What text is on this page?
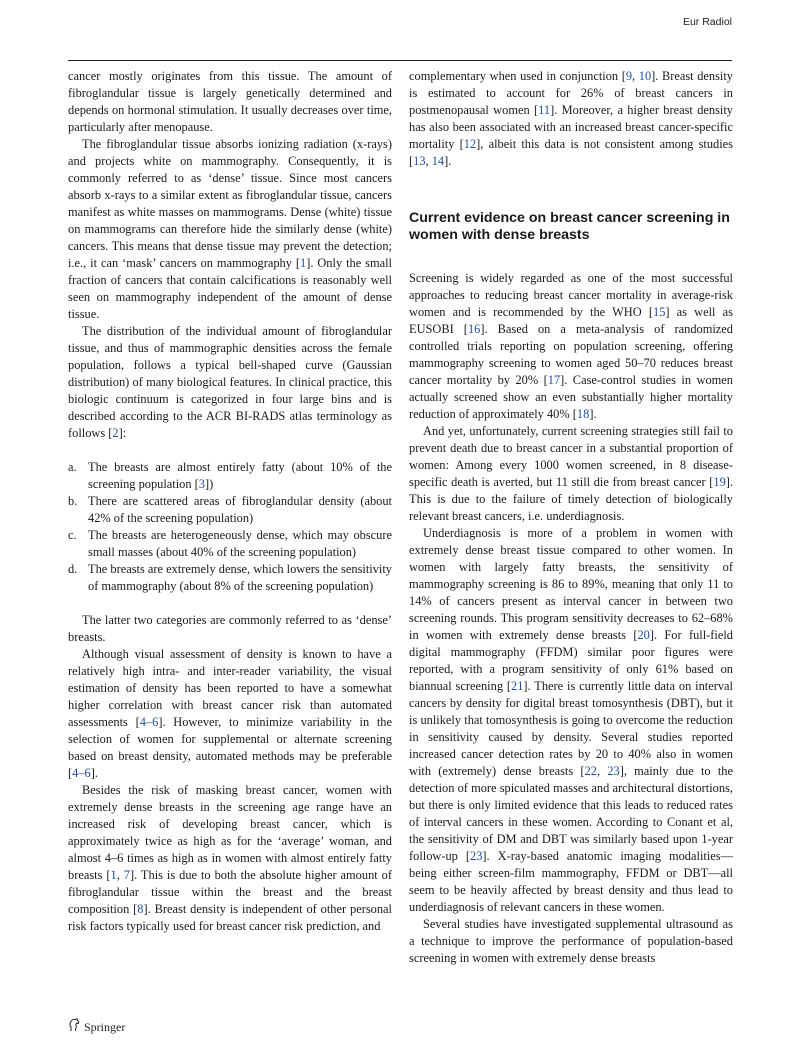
Eur Radiol

cancer mostly originates from this tissue. The amount of fibroglandular tissue is largely genetically determined and depends on hormonal stimulation. It usually decreases over time, particularly after menopause.

The fibroglandular tissue absorbs ionizing radiation (x-rays) and projects white on mammography. Consequently, it is commonly referred to as ‘dense’ tissue. Since most cancers absorb x-rays to a similar extent as fibroglandular tissue, cancers manifest as white masses on mammograms. Dense (white) tissue on mammograms can therefore hide the similarly dense (white) cancers. This means that dense tissue may prevent the detection; i.e., it can ‘mask’ cancers on mammography [1]. Only the small fraction of cancers that contain calcifications is reasonably well seen on mammography independent of the amount of dense tissue.

The distribution of the individual amount of fibroglandular tissue, and thus of mammographic densities across the female population, follows a typical bell-shaped curve (Gaussian distribution) of many biological features. In clinical practice, this biologic continuum is categorized in four large bins and is described according to the ACR BI-RADS atlas terminology as follows [2]:

a. The breasts are almost entirely fatty (about 10% of the screening population [3])
b. There are scattered areas of fibroglandular density (about 42% of the screening population)
c. The breasts are heterogeneously dense, which may obscure small masses (about 40% of the screening population)
d. The breasts are extremely dense, which lowers the sensitivity of mammography (about 8% of the screening population)

The latter two categories are commonly referred to as ‘dense’ breasts.

Although visual assessment of density is known to have a relatively high intra- and inter-reader variability, the visual estimation of density has been reported to have a somewhat higher correlation with breast cancer risk than automated assessments [4–6]. However, to minimize variability in the selection of women for supplemental or alternate screening based on breast density, automated methods may be preferable [4–6].

Besides the risk of masking breast cancer, women with extremely dense breasts in the screening age range have an increased risk of developing breast cancer, which is approximately twice as high as for the ‘average’ woman, and almost 4–6 times as high as in women with almost entirely fatty breasts [1, 7]. This is due to both the absolute higher amount of fibroglandular tissue within the breast and the breast composition [8]. Breast density is independent of other personal risk factors typically used for breast cancer risk prediction, and

complementary when used in conjunction [9, 10]. Breast density is estimated to account for 26% of breast cancers in postmenopausal women [11]. Moreover, a higher breast density has also been associated with an increased breast cancer-specific mortality [12], albeit this data is not consistent among studies [13, 14].

Current evidence on breast cancer screening in women with dense breasts

Screening is widely regarded as one of the most successful approaches to reducing breast cancer mortality in average-risk women and is recommended by the WHO [15] as well as EUSOBI [16]. Based on a meta-analysis of randomized controlled trials reporting on population screening, offering mammography screening to women aged 50–70 reduces breast cancer mortality by 20% [17]. Case-control studies in women actually screened show an even substantially higher mortality reduction of approximately 40% [18].

And yet, unfortunately, current screening strategies still fail to prevent death due to breast cancer in a substantial proportion of women: Among every 1000 women screened, in 8 disease-specific death is averted, but 11 still die from breast cancer [19]. This is due to the failure of timely detection of biologically relevant breast cancers, i.e. underdiagnosis.

Underdiagnosis is more of a problem in women with extremely dense breast tissue compared to other women. In women with largely fatty breasts, the sensitivity of mammography screening is 86 to 89%, meaning that only 11 to 14% of cancers present as interval cancer in between two screening rounds. This program sensitivity decreases to 62–68% in women with extremely dense breasts [20]. For full-field digital mammography (FFDM) similar poor figures were reported, with a program sensitivity of only 61% based on biannual screening [21]. There is currently little data on interval cancers by density for digital breast tomosynthesis (DBT), but it is unlikely that tomosynthesis is going to overcome the reduction in sensitivity caused by density. Several studies reported increased cancer detection rates by 20 to 40% also in women with (extremely) dense breasts [22, 23], mainly due to the detection of more spiculated masses and architectural distortions, but there is only limited evidence that this leads to reduced rates of interval cancers in these women. According to Conant et al, the sensitivity of DM and DBT was similarly based upon 1-year follow-up [23]. X-ray-based anatomic imaging modalities—being either screen-film mammography, FFDM or DBT—all seem to be heavily affected by breast density and thus lead to underdiagnosis of relevant cancers in these women.

Several studies have investigated supplemental ultrasound as a technique to improve the performance of population-based screening in women with extremely dense breasts

Springer
